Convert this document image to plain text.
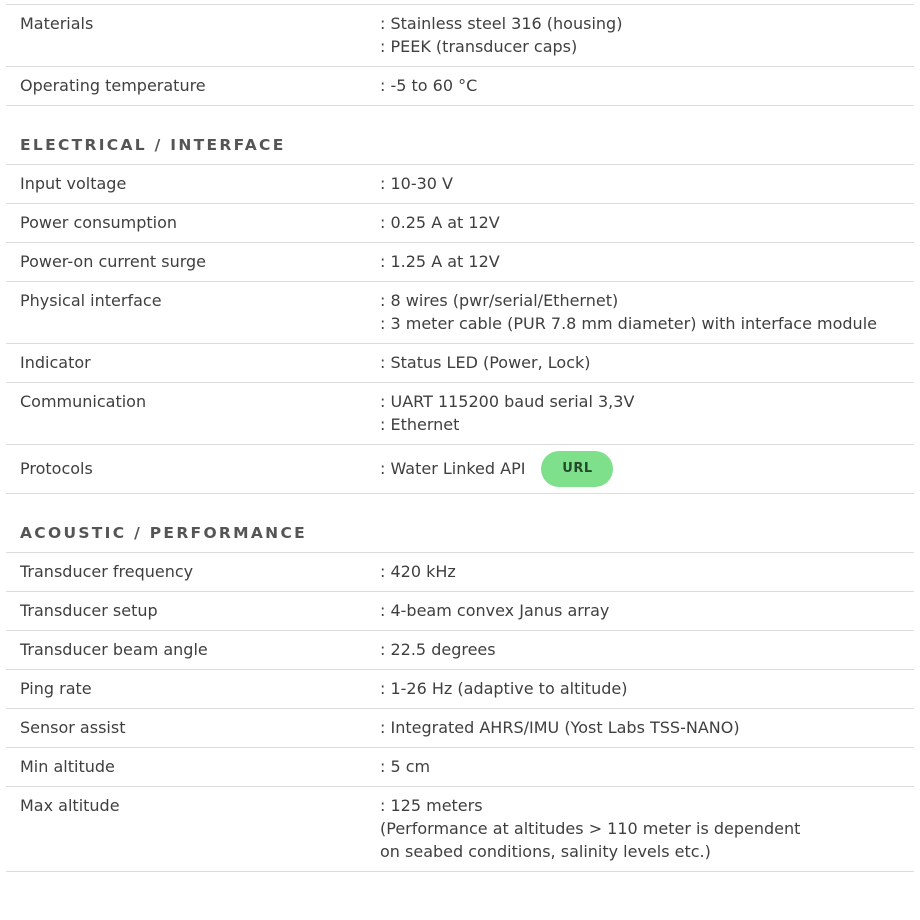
Materials	: Stainless steel 316 (housing)
: PEEK (transducer caps)
Operating temperature	: -5 to 60 °C
ELECTRICAL / INTERFACE
Input voltage	: 10-30 V
Power consumption	: 0.25 A at 12V
Power-on current surge	: 1.25 A at 12V
Physical interface	: 8 wires (pwr/serial/Ethernet)
: 3 meter cable (PUR 7.8 mm diameter) with interface module
Indicator	: Status LED (Power, Lock)
Communication	: UART 115200 baud serial 3,3V
: Ethernet
Protocols	: Water Linked API	URL
ACOUSTIC / PERFORMANCE
Transducer frequency	: 420 kHz
Transducer setup	: 4-beam convex Janus array
Transducer beam angle	: 22.5 degrees
Ping rate	: 1-26 Hz (adaptive to altitude)
Sensor assist	: Integrated AHRS/IMU (Yost Labs TSS-NANO)
Min altitude	: 5 cm
Max altitude	: 125 meters
(Performance at altitudes > 110 meter is dependent
on seabed conditions, salinity levels etc.)
